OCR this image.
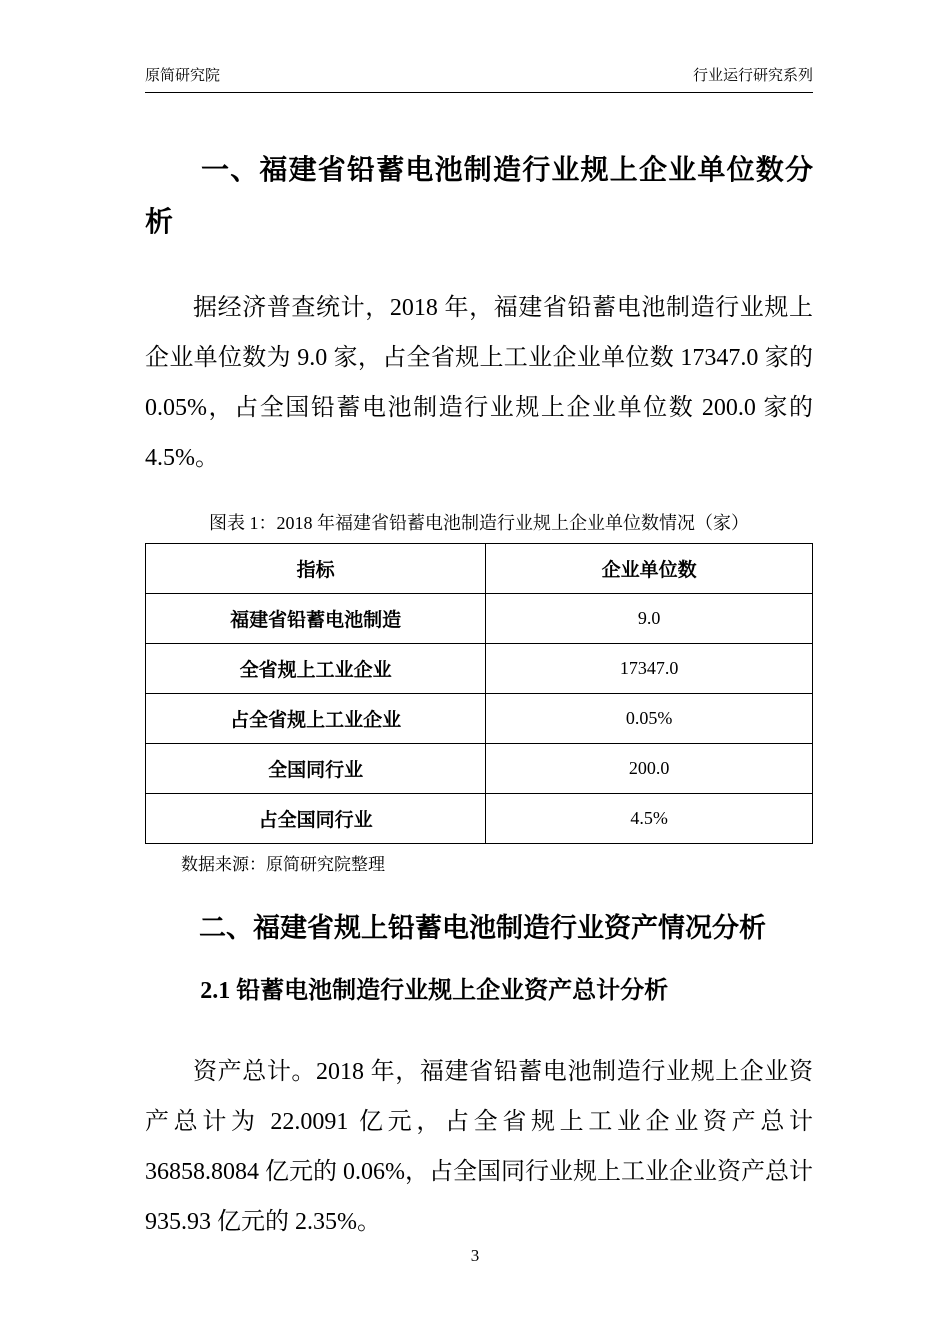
原简研究院	行业运行研究系列
一、福建省铅蓄电池制造行业规上企业单位数分析

据经济普查统计，2018 年，福建省铅蓄电池制造行业规上企业单位数为 9.0 家，占全省规上工业企业单位数 17347.0 家的 0.05%，占全国铅蓄电池制造行业规上企业单位数 200.0 家的 4.5%。

图表 1：2018 年福建省铅蓄电池制造行业规上企业单位数情况（家）
指标	企业单位数
福建省铅蓄电池制造	9.0
全省规上工业企业	17347.0
占全省规上工业企业	0.05%
全国同行业	200.0
占全国同行业	4.5%
数据来源：原简研究院整理
二、福建省规上铅蓄电池制造行业资产情况分析
2.1 铅蓄电池制造行业规上企业资产总计分析

资产总计。2018 年，福建省铅蓄电池制造行业规上企业资产总计为 22.0091 亿元，占全省规上工业企业资产总计 36858.8084 亿元的 0.06%，占全国同行业规上工业企业资产总计 935.93 亿元的 2.35%。

3
